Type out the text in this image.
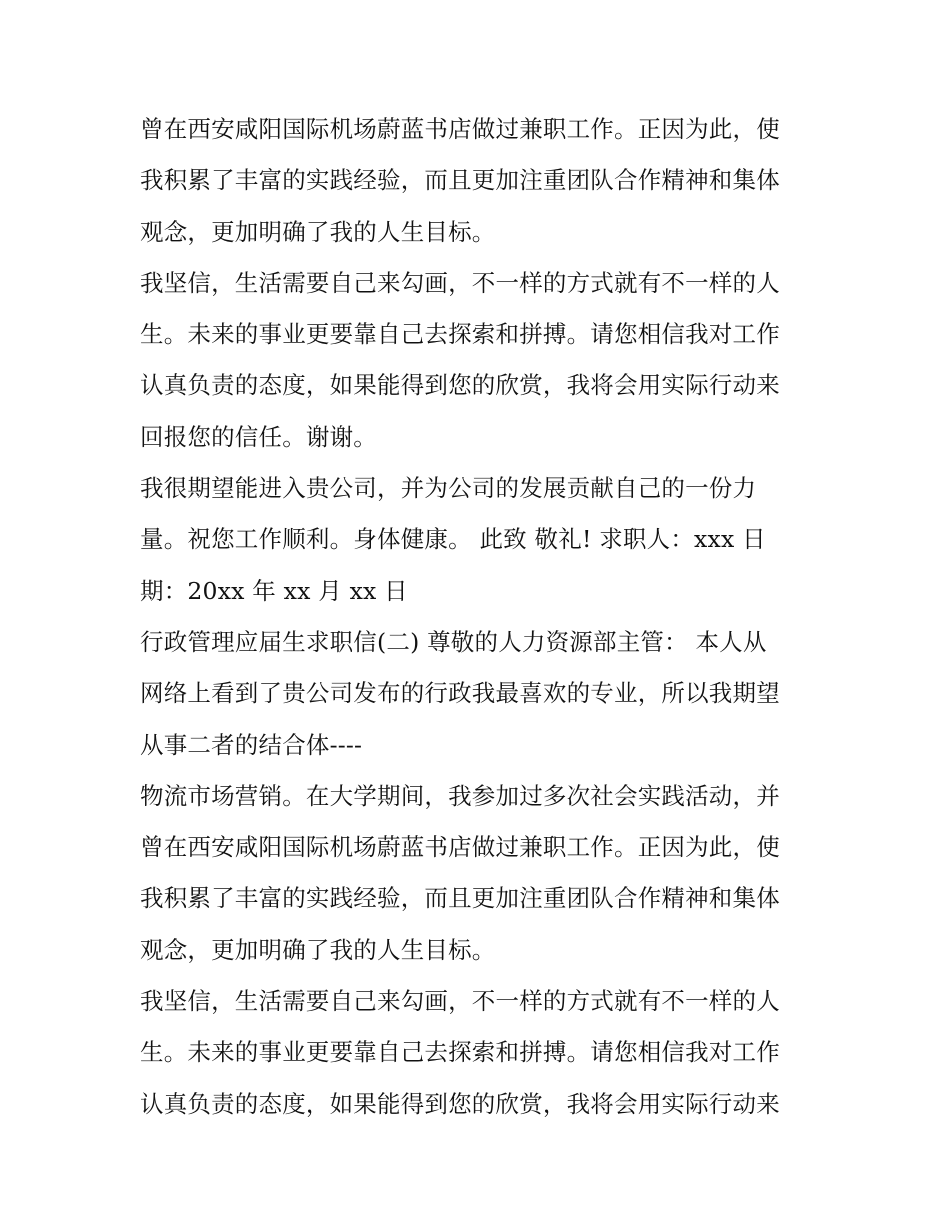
曾在西安咸阳国际机场蔚蓝书店做过兼职工作。正因为此，使
我积累了丰富的实践经验，而且更加注重团队合作精神和集体
观念，更加明确了我的人生目标。
我坚信，生活需要自己来勾画，不一样的方式就有不一样的人
生。未来的事业更要靠自己去探索和拼搏。请您相信我对工作
认真负责的态度，如果能得到您的欣赏，我将会用实际行动来
回报您的信任。谢谢。
我很期望能进入贵公司，并为公司的发展贡献自己的一份力
量。祝您工作顺利。身体健康。 此致 敬礼! 求职人：xxx 日
期：20xx 年 xx 月 xx 日
行政管理应届生求职信(二) 尊敬的人力资源部主管： 本人从
网络上看到了贵公司发布的行政我最喜欢的专业，所以我期望
从事二者的结合体----
物流市场营销。在大学期间，我参加过多次社会实践活动，并
曾在西安咸阳国际机场蔚蓝书店做过兼职工作。正因为此，使
我积累了丰富的实践经验，而且更加注重团队合作精神和集体
观念，更加明确了我的人生目标。
我坚信，生活需要自己来勾画，不一样的方式就有不一样的人
生。未来的事业更要靠自己去探索和拼搏。请您相信我对工作
认真负责的态度，如果能得到您的欣赏，我将会用实际行动来
